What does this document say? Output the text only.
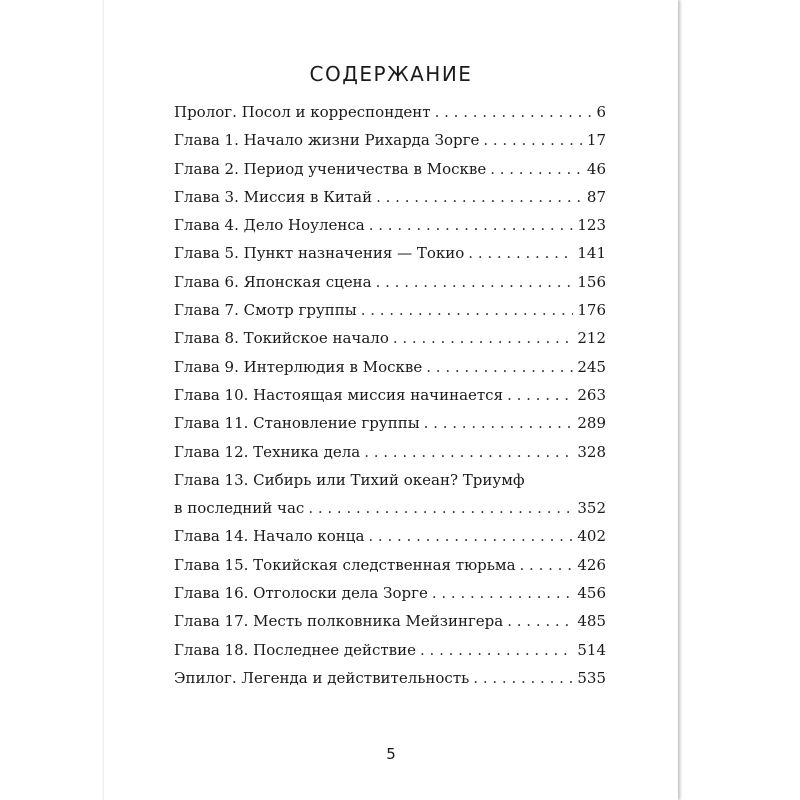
СОДЕРЖАНИЕ
Пролог. Посол и корреспондент . . .	6
Глава 1. Начало жизни Рихарда Зорге . . .	17
Глава 2. Период ученичества в Москве . . .	46
Глава 3. Миссия в Китай . . .	87
Глава 4. Дело Ноуленса . . .	123
Глава 5. Пункт назначения — Токио . . .	141
Глава 6. Японская сцена . . .	156
Глава 7. Смотр группы . . .	176
Глава 8. Токийское начало . . .	212
Глава 9. Интерлюдия в Москве . . .	245
Глава 10. Настоящая миссия начинается . . .	263
Глава 11. Становление группы . . .	289
Глава 12. Техника дела . . .	328
Глава 13. Сибирь или Тихий океан? Триумф
в последний час . . .	352
Глава 14. Начало конца . . .	402
Глава 15. Токийская следственная тюрьма . . .	426
Глава 16. Отголоски дела Зорге . . .	456
Глава 17. Месть полковника Мейзингера . . .	485
Глава 18. Последнее действие . . .	514
Эпилог. Легенда и действительность . . .	535
5
